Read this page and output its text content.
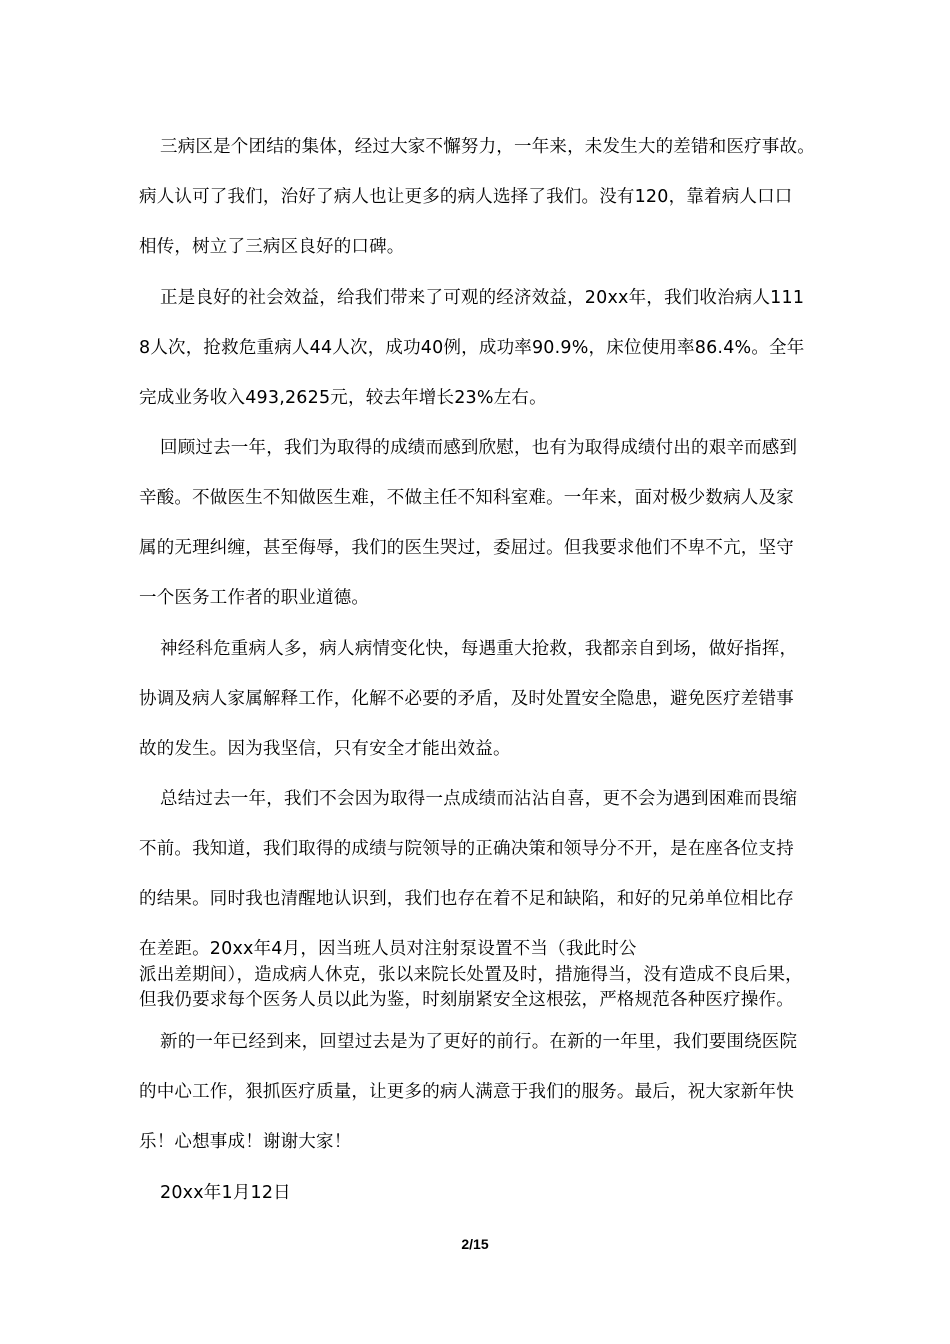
三病区是个团结的集体，经过大家不懈努力，一年来，未发生大的差错和医疗事故。
病人认可了我们，治好了病人也让更多的病人选择了我们。没有120，靠着病人口口
相传，树立了三病区良好的口碑。
正是良好的社会效益，给我们带来了可观的经济效益，20xx年，我们收治病人111
8人次，抢救危重病人44人次，成功40例，成功率90.9%，床位使用率86.4%。全年
完成业务收入493,2625元，较去年增长23%左右。
回顾过去一年，我们为取得的成绩而感到欣慰，也有为取得成绩付出的艰辛而感到
辛酸。不做医生不知做医生难，不做主任不知科室难。一年来，面对极少数病人及家
属的无理纠缠，甚至侮辱，我们的医生哭过，委屈过。但我要求他们不卑不亢，坚守
一个医务工作者的职业道德。
神经科危重病人多，病人病情变化快，每遇重大抢救，我都亲自到场，做好指挥，
协调及病人家属解释工作，化解不必要的矛盾，及时处置安全隐患，避免医疗差错事
故的发生。因为我坚信，只有安全才能出效益。
总结过去一年，我们不会因为取得一点成绩而沾沾自喜，更不会为遇到困难而畏缩
不前。我知道，我们取得的成绩与院领导的正确决策和领导分不开，是在座各位支持
的结果。同时我也清醒地认识到，我们也存在着不足和缺陷，和好的兄弟单位相比存
在差距。20xx年4月，因当班人员对注射泵设置不当（我此时公
派出差期间），造成病人休克，张以来院长处置及时，措施得当，没有造成不良后果，
但我仍要求每个医务人员以此为鉴，时刻崩紧安全这根弦，严格规范各种医疗操作。
新的一年已经到来，回望过去是为了更好的前行。在新的一年里，我们要围绕医院
的中心工作，狠抓医疗质量，让更多的病人满意于我们的服务。最后，祝大家新年快
乐！心想事成！谢谢大家！
20xx年1月12日
2/15
